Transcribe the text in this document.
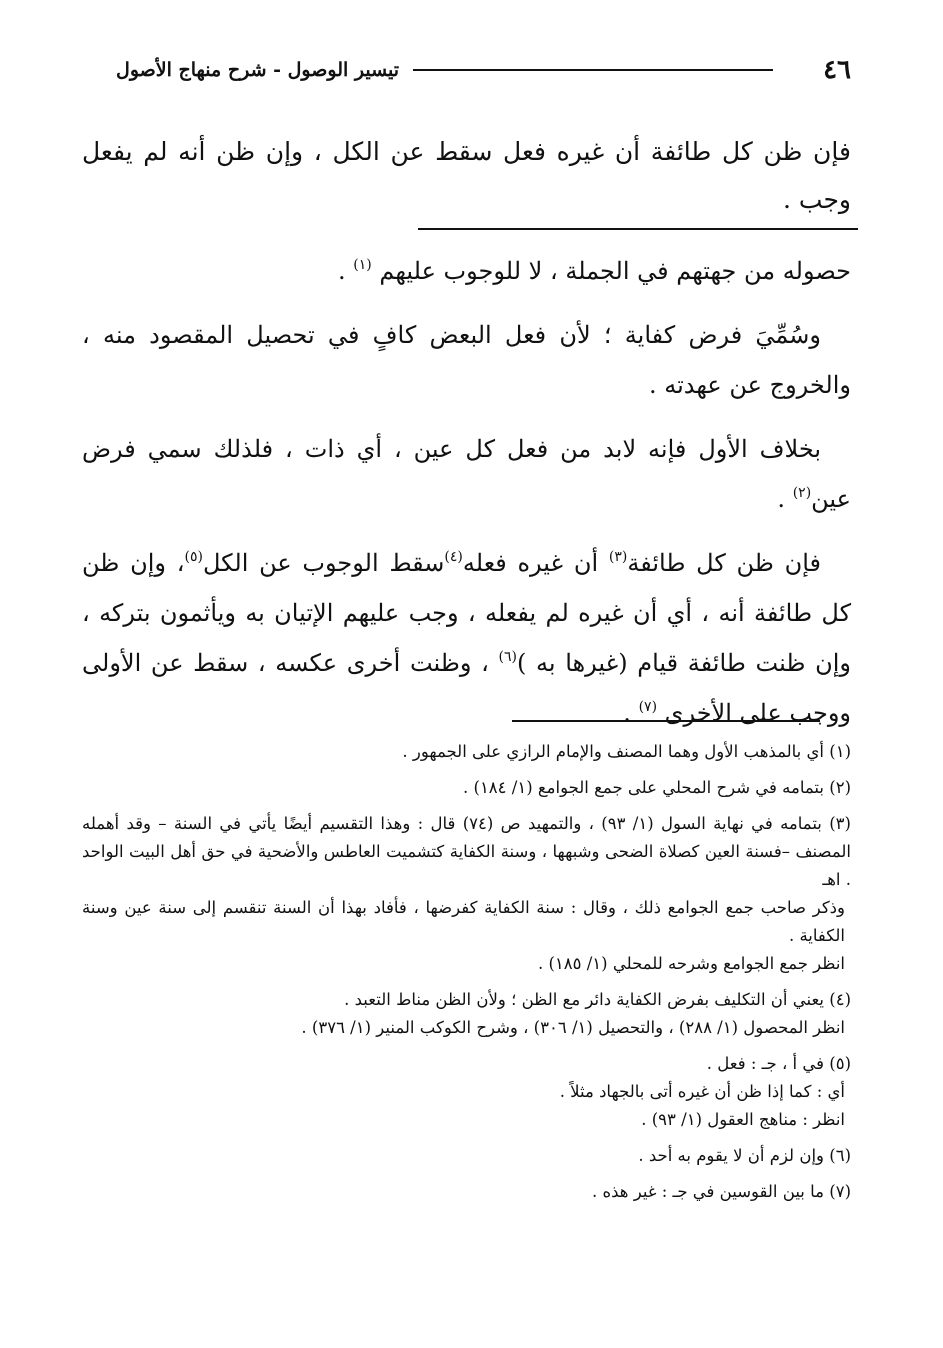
٤٦
تيسير الوصول - شرح منهاج الأصول
فإن ظن كل طائفة أن غيره فعل سقط عن الكل ، وإن ظن أنه لم يفعل وجب .

حصوله من جهتهم في الجملة ، لا للوجوب عليهم $^{(١)}$ .

وسُمِّيَ فرض كفاية ؛ لأن فعل البعض كافٍ في تحصيل المقصود منه ، والخروج عن عهدته .

بخلاف الأول فإنه لابد من فعل كل عين ، أي ذات ، فلذلك سمي فرض عين$^{(٢)}$ .

فإن ظن كل طائفة$^{(٣)}$ أن غيره فعله$^{(٤)}$سقط الوجوب عن الكل$^{(٥)}$، وإن ظن كل طائفة أنه ، أي أن غيره لم يفعله ، وجب عليهم الإتيان به ويأثمون بتركه ، وإن ظنت طائفة قيام (غيرها به )$^{(٦)}$ ، وظنت أخرى عكسه ، سقط عن الأولى ووجب على الأخرى $^{(٧)}$ .

(١) أي بالمذهب الأول وهما المصنف والإمام الرازي على الجمهور .
(٢) بتمامه في شرح المحلي على جمع الجوامع (١/ ١٨٤) .
(٣) بتمامه في نهاية السول (١/ ٩٣) ، والتمهيد ص (٧٤) قال : وهذا التقسيم أيضًا يأتي في السنة – وقد أهمله المصنف –فسنة العين كصلاة الضحى وشبهها ، وسنة الكفاية كتشميت العاطس والأضحية في حق أهل البيت الواحد . اهـ
وذكر صاحب جمع الجوامع ذلك ، وقال : سنة الكفاية كفرضها ، فأفاد بهذا أن السنة تنقسم إلى سنة عين وسنة الكفاية .
انظر جمع الجوامع وشرحه للمحلي (١/ ١٨٥) .
(٤) يعني أن التكليف بفرض الكفاية دائر مع الظن ؛ ولأن الظن مناط التعبد .
انظر المحصول (١/ ٢٨٨) ، والتحصيل (١/ ٣٠٦) ، وشرح الكوكب المنير (١/ ٣٧٦) .
(٥) في أ ، جـ : فعل .
أي : كما إذا ظن أن غيره أتى بالجهاد مثلاً .
انظر : مناهج العقول (١/ ٩٣) .
(٦) وإن لزم أن لا يقوم به أحد .
(٧) ما بين القوسين في جـ : غير هذه .
